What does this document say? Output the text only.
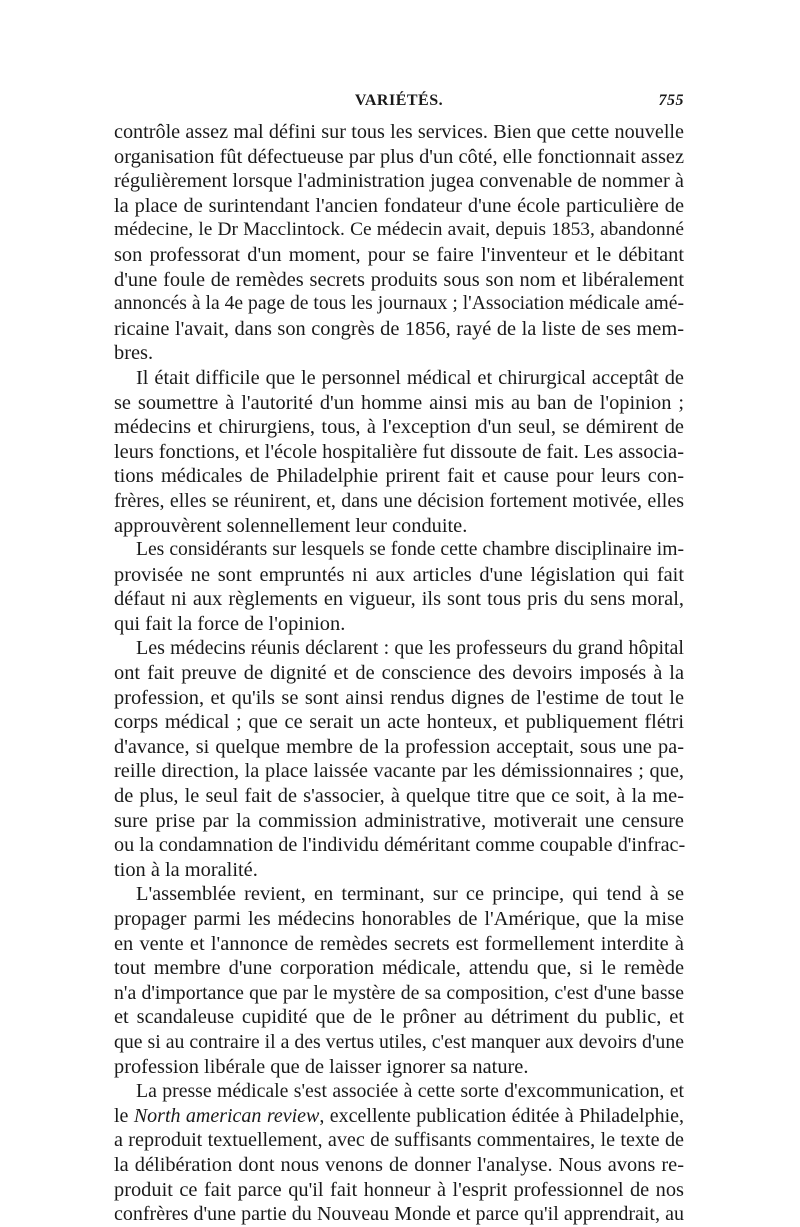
VARIÉTÉS.	755
contrôle assez mal défini sur tous les services. Bien que cette nouvelle
organisation fût défectueuse par plus d'un côté, elle fonctionnait assez
régulièrement lorsque l'administration jugea convenable de nommer à
la place de surintendant l'ancien fondateur d'une école particulière de
médecine, le Dr Macclintock. Ce médecin avait, depuis 1853, abandonné
son professorat d'un moment, pour se faire l'inventeur et le débitant
d'une foule de remèdes secrets produits sous son nom et libéralement
annoncés à la 4e page de tous les journaux ; l'Association médicale amé-
ricaine l'avait, dans son congrès de 1856, rayé de la liste de ses mem-
bres.
Il était difficile que le personnel médical et chirurgical acceptât de
se soumettre à l'autorité d'un homme ainsi mis au ban de l'opinion ;
médecins et chirurgiens, tous, à l'exception d'un seul, se démirent de
leurs fonctions, et l'école hospitalière fut dissoute de fait. Les associa-
tions médicales de Philadelphie prirent fait et cause pour leurs con-
frères, elles se réunirent, et, dans une décision fortement motivée, elles
approuvèrent solennellement leur conduite.
Les considérants sur lesquels se fonde cette chambre disciplinaire im-
provisée ne sont empruntés ni aux articles d'une législation qui fait
défaut ni aux règlements en vigueur, ils sont tous pris du sens moral,
qui fait la force de l'opinion.
Les médecins réunis déclarent : que les professeurs du grand hôpital
ont fait preuve de dignité et de conscience des devoirs imposés à la
profession, et qu'ils se sont ainsi rendus dignes de l'estime de tout le
corps médical ; que ce serait un acte honteux, et publiquement flétri
d'avance, si quelque membre de la profession acceptait, sous une pa-
reille direction, la place laissée vacante par les démissionnaires ; que,
de plus, le seul fait de s'associer, à quelque titre que ce soit, à la me-
sure prise par la commission administrative, motiverait une censure
ou la condamnation de l'individu déméritant comme coupable d'infrac-
tion à la moralité.
L'assemblée revient, en terminant, sur ce principe, qui tend à se
propager parmi les médecins honorables de l'Amérique, que la mise
en vente et l'annonce de remèdes secrets est formellement interdite à
tout membre d'une corporation médicale, attendu que, si le remède
n'a d'importance que par le mystère de sa composition, c'est d'une basse
et scandaleuse cupidité que de le prôner au détriment du public, et
que si au contraire il a des vertus utiles, c'est manquer aux devoirs d'une
profession libérale que de laisser ignorer sa nature.
La presse médicale s'est associée à cette sorte d'excommunication, et
le North american review, excellente publication éditée à Philadelphie,
a reproduit textuellement, avec de suffisants commentaires, le texte de
la délibération dont nous venons de donner l'analyse. Nous avons re-
produit ce fait parce qu'il fait honneur à l'esprit professionnel de nos
confrères d'une partie du Nouveau Monde et parce qu'il apprendrait, au
